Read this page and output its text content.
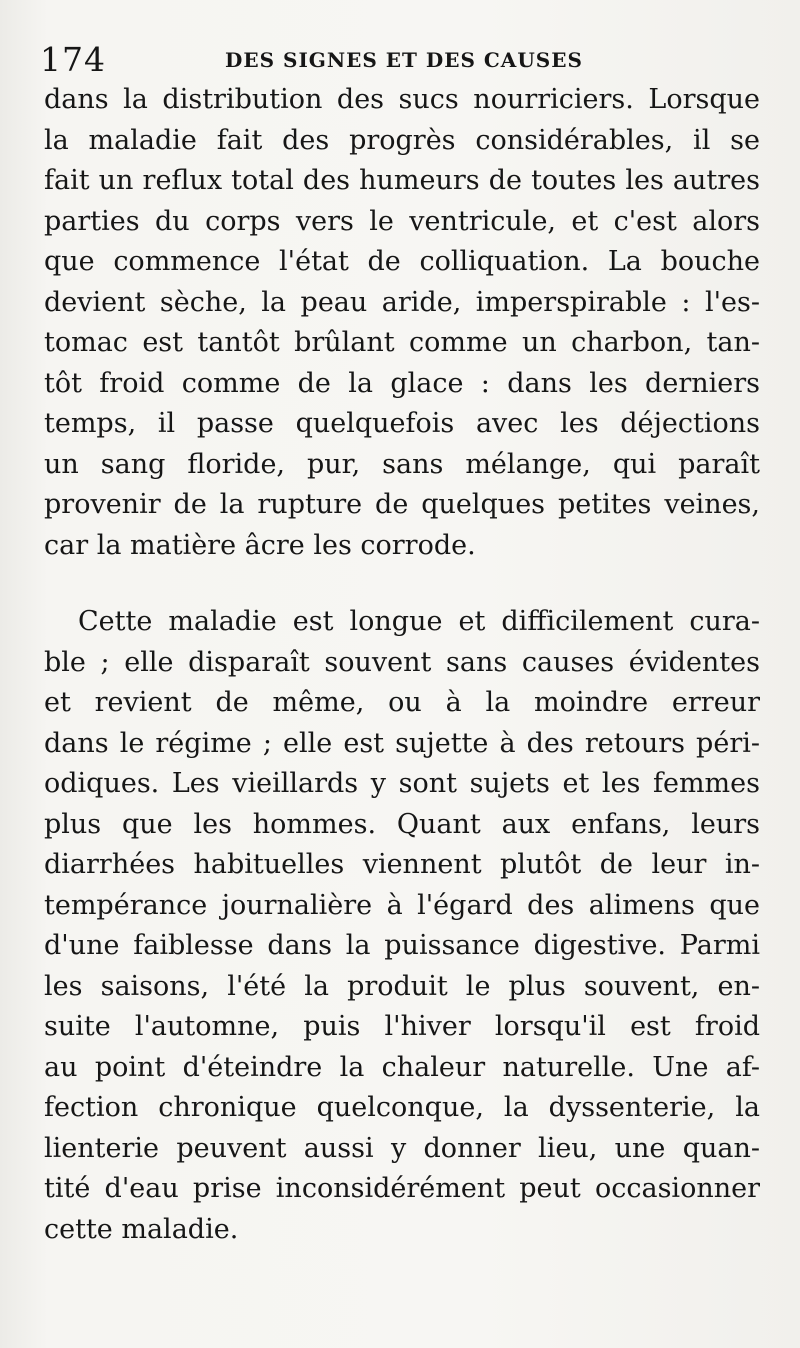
174	DES SIGNES ET DES CAUSES
dans la distribution des sucs nourriciers. Lorsque
la maladie fait des progrès considérables, il se
fait un reflux total des humeurs de toutes les autres
parties du corps vers le ventricule, et c'est alors
que commence l'état de colliquation. La bouche
devient sèche, la peau aride, imperspirable : l'es-
tomac est tantôt brûlant comme un charbon, tan-
tôt froid comme de la glace : dans les derniers
temps, il passe quelquefois avec les déjections
un sang floride, pur, sans mélange, qui paraît
provenir de la rupture de quelques petites veines,
car la matière âcre les corrode.
Cette maladie est longue et difficilement cura-
ble ; elle disparaît souvent sans causes évidentes
et revient de même, ou à la moindre erreur
dans le régime ; elle est sujette à des retours péri-
odiques. Les vieillards y sont sujets et les femmes
plus que les hommes. Quant aux enfans, leurs
diarrhées habituelles viennent plutôt de leur in-
tempérance journalière à l'égard des alimens que
d'une faiblesse dans la puissance digestive. Parmi
les saisons, l'été la produit le plus souvent, en-
suite l'automne, puis l'hiver lorsqu'il est froid
au point d'éteindre la chaleur naturelle. Une af-
fection chronique quelconque, la dyssenterie, la
lienterie peuvent aussi y donner lieu, une quan-
tité d'eau prise inconsidérément peut occasionner
cette maladie.
